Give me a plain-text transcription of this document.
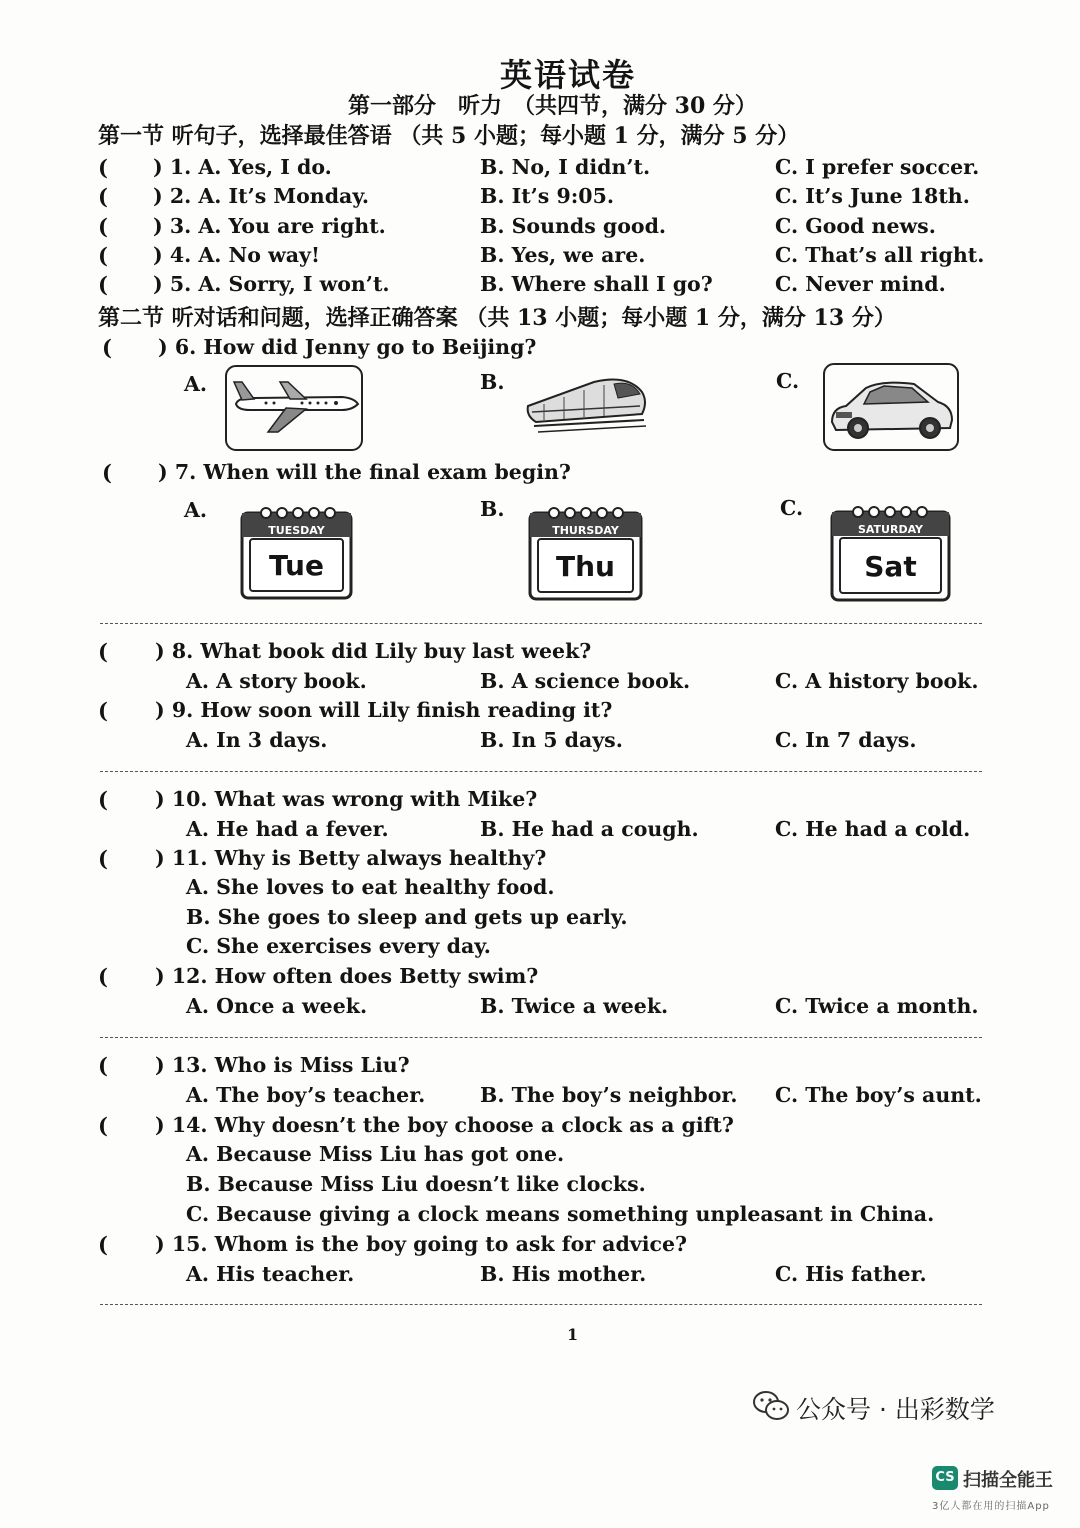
英语试卷
第一部分　听力　（共四节，满分 30 分）
第一节 听句子，选择最佳答语 （共 5 小题；每小题 1 分，满分 5 分）
( ) 1. A. Yes, I do.	B. No, I didn’t.	C. I prefer soccer.
( ) 2. A. It’s Monday.	B. It’s 9:05.	C. It’s June 18th.
( ) 3. A. You are right.	B. Sounds good.	C. Good news.
( ) 4. A. No way!	B. Yes, we are.	C. That’s all right.
( ) 5. A. Sorry, I won’t.	B. Where shall I go?	C. Never mind.
第二节 听对话和问题，选择正确答案 （共 13 小题；每小题 1 分，满分 13 分）
( ) 6. How did Jenny go to Beijing?
A.	B.	C.
( ) 7. When will the final exam begin?
A.	B.	C.
TUESDAY
Tue
THURSDAY
Thu
SATURDAY
Sat
( ) 8. What book did Lily buy last week?
A. A story book.	B. A science book.	C. A history book.
( ) 9. How soon will Lily finish reading it?
A. In 3 days.	B. In 5 days.	C. In 7 days.
( ) 10. What was wrong with Mike?
A. He had a fever.	B. He had a cough.	C. He had a cold.
( ) 11. Why is Betty always healthy?
A. She loves to eat healthy food.
B. She goes to sleep and gets up early.
C. She exercises every day.
( ) 12. How often does Betty swim?
A. Once a week.	B. Twice a week.	C. Twice a month.
( ) 13. Who is Miss Liu?
A. The boy’s teacher.	B. The boy’s neighbor. C. The boy’s aunt.
( ) 14. Why doesn’t the boy choose a clock as a gift?
A. Because Miss Liu has got one.
B. Because Miss Liu doesn’t like clocks.
C. Because giving a clock means something unpleasant in China.
( ) 15. Whom is the boy going to ask for advice?
A. His teacher.	B. His mother.	C. His father.
1
公众号 · 出彩数学
CS 扫描全能王
3亿人都在用的扫描App
